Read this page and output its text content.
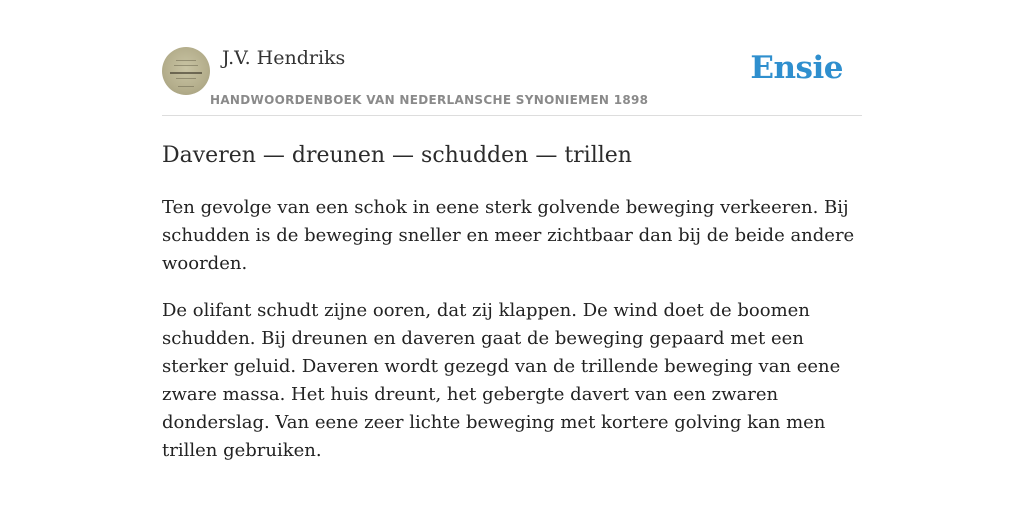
J.V. Hendriks
HANDWOORDENBOEK VAN NEDERLANSCHE SYNONIEMEN 1898
Ensie
Daveren — dreunen — schudden — trillen

Ten gevolge van een schok in eene sterk golvende beweging verkeeren. Bij schudden is de beweging sneller en meer zichtbaar dan bij de beide andere woorden.

De olifant schudt zijne ooren, dat zij klappen. De wind doet de boomen schudden. Bij dreunen en daveren gaat de beweging gepaard met een sterker geluid. Daveren wordt gezegd van de trillende beweging van eene zware massa. Het huis dreunt, het gebergte davert van een zwaren donderslag. Van eene zeer lichte beweging met kortere golving kan men trillen gebruiken.
